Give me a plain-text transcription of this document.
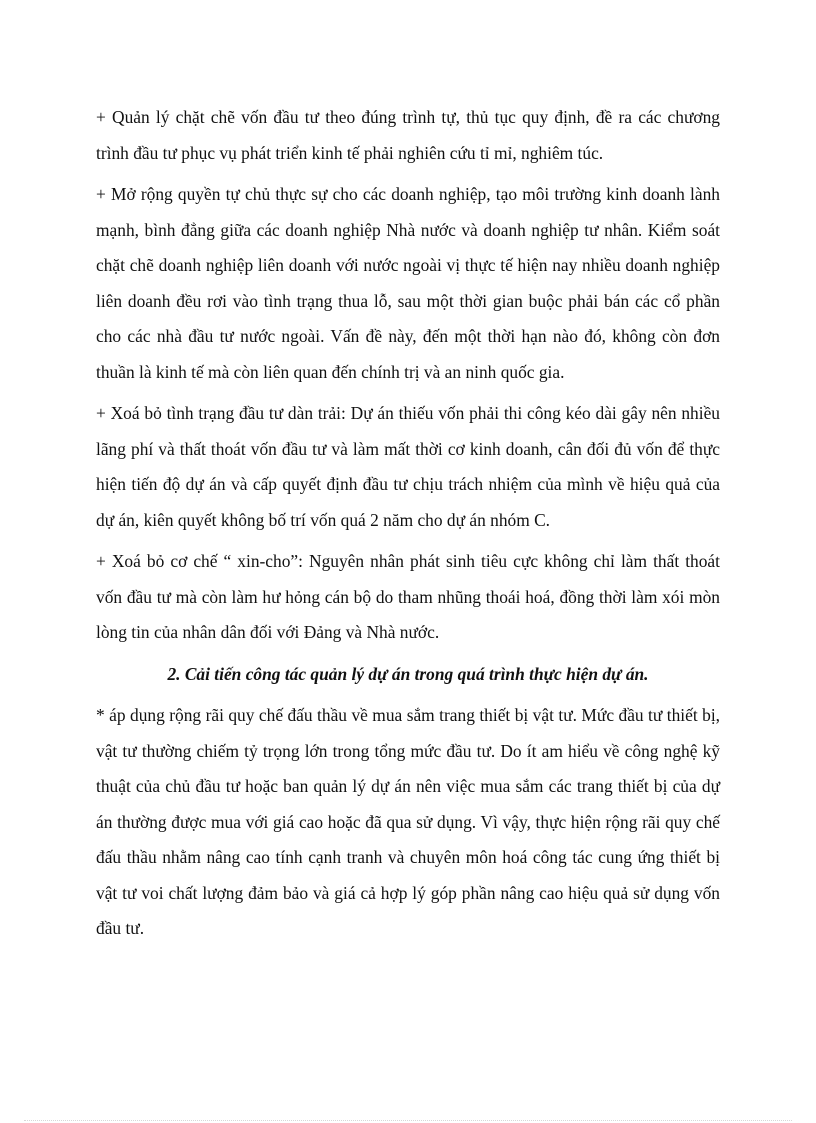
+ Quản lý chặt chẽ vốn đầu tư theo đúng trình tự, thủ tục quy định, đề ra các chương trình đầu tư phục vụ phát triển kinh tế phải nghiên cứu tỉ mỉ, nghiêm túc.

+ Mở rộng quyền tự chủ thực sự cho các doanh nghiệp, tạo môi trường kinh doanh lành mạnh, bình đẳng giữa các doanh nghiệp Nhà nước và doanh nghiệp tư nhân. Kiểm soát chặt chẽ doanh nghiệp liên doanh với nước ngoài vị thực tế hiện nay nhiều doanh nghiệp liên doanh đều rơi vào tình trạng thua lỗ, sau một thời gian buộc phải bán các cổ phần cho các nhà đầu tư nước ngoài. Vấn đề này, đến một thời hạn nào đó, không còn đơn thuần là kinh tế mà còn liên quan đến chính trị và an ninh quốc gia.

+ Xoá bỏ tình trạng đầu tư dàn trải: Dự án thiếu vốn phải thi công kéo dài gây nên nhiều lãng phí và thất thoát vốn đầu tư và làm mất thời cơ kinh doanh, cân đối đủ vốn để thực hiện tiến độ dự án và cấp quyết định đầu tư chịu trách nhiệm của mình về hiệu quả của dự án, kiên quyết không bố trí vốn quá 2 năm cho dự án nhóm C.

+ Xoá bỏ cơ chế “ xin-cho”: Nguyên nhân phát sinh tiêu cực không chỉ làm thất thoát vốn đầu tư mà còn làm hư hỏng cán bộ do tham nhũng thoái hoá, đồng thời làm xói mòn lòng tin của nhân dân đối với Đảng và Nhà nước.

2. Cải tiến công tác quản lý dự án trong quá trình thực hiện dự án.

* áp dụng rộng rãi quy chế đấu thầu về mua sắm trang thiết bị vật tư. Mức đầu tư thiết bị, vật tư thường chiếm tỷ trọng lớn trong tổng mức đầu tư. Do ít am hiểu về công nghệ kỹ thuật của chủ đầu tư hoặc ban quản lý dự án nên việc mua sắm các trang thiết bị của dự án thường được mua với giá cao hoặc đã qua sử dụng. Vì vậy, thực hiện rộng rãi quy chế đấu thầu nhằm nâng cao tính cạnh tranh và chuyên môn hoá công tác cung ứng thiết bị vật tư voi chất lượng đảm bảo và giá cả hợp lý góp phần nâng cao hiệu quả sử dụng vốn đầu tư.
